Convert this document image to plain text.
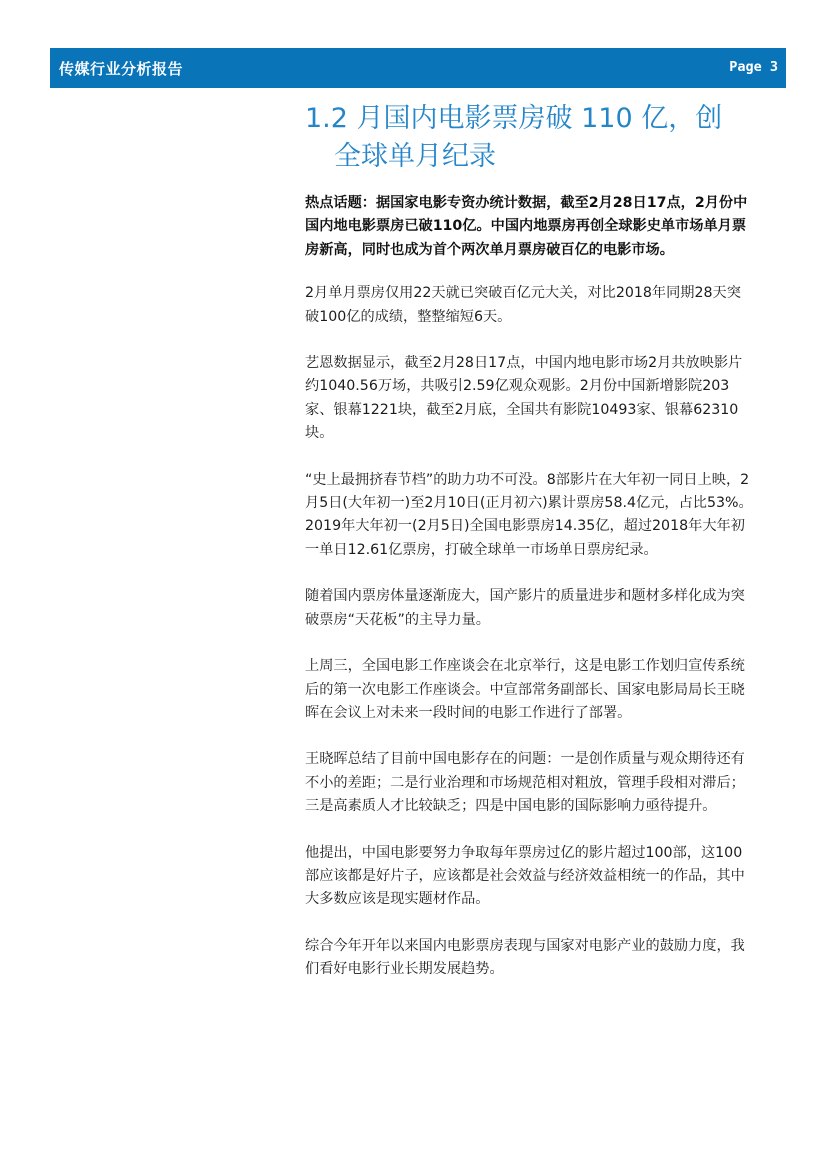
传媒行业分析报告	Page 3
1.2 月国内电影票房破 110 亿，创
全球单月纪录

热点话题：据国家电影专资办统计数据，截至2月28日17点，2月份中国内地电影票房已破110亿。中国内地票房再创全球影史单市场单月票房新高，同时也成为首个两次单月票房破百亿的电影市场。

2月单月票房仅用22天就已突破百亿元大关，对比2018年同期28天突破100亿的成绩，整整缩短6天。

艺恩数据显示，截至2月28日17点，中国内地电影市场2月共放映影片约1040.56万场，共吸引2.59亿观众观影。2月份中国新增影院203家、银幕1221块，截至2月底，全国共有影院10493家、银幕62310块。

“史上最拥挤春节档”的助力功不可没。8部影片在大年初一同日上映，2月5日(大年初一)至2月10日(正月初六)累计票房58.4亿元，占比53%。2019年大年初一(2月5日)全国电影票房14.35亿，超过2018年大年初一单日12.61亿票房，打破全球单一市场单日票房纪录。

随着国内票房体量逐渐庞大，国产影片的质量进步和题材多样化成为突破票房“天花板”的主导力量。

上周三，全国电影工作座谈会在北京举行，这是电影工作划归宣传系统后的第一次电影工作座谈会。中宣部常务副部长、国家电影局局长王晓晖在会议上对未来一段时间的电影工作进行了部署。

王晓晖总结了目前中国电影存在的问题：一是创作质量与观众期待还有不小的差距；二是行业治理和市场规范相对粗放，管理手段相对滞后；三是高素质人才比较缺乏；四是中国电影的国际影响力亟待提升。

他提出，中国电影要努力争取每年票房过亿的影片超过100部，这100部应该都是好片子，应该都是社会效益与经济效益相统一的作品，其中大多数应该是现实题材作品。

综合今年开年以来国内电影票房表现与国家对电影产业的鼓励力度，我们看好电影行业长期发展趋势。
